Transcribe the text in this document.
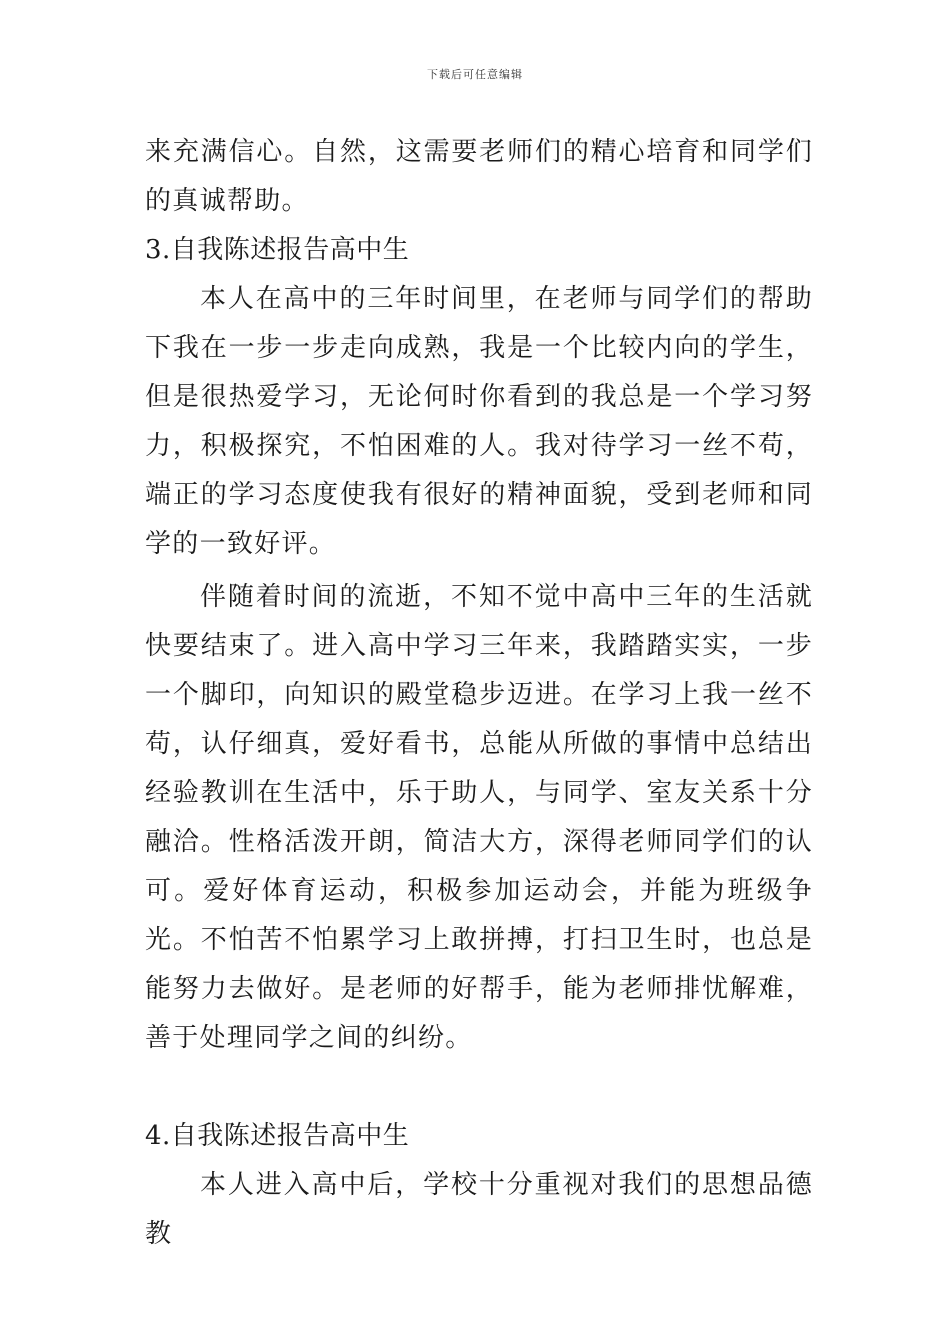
下载后可任意编辑

来充满信心。自然，这需要老师们的精心培育和同学们的真诚帮助。

3.自我陈述报告高中生

本人在高中的三年时间里，在老师与同学们的帮助下我在一步一步走向成熟，我是一个比较内向的学生，但是很热爱学习，无论何时你看到的我总是一个学习努力，积极探究，不怕困难的人。我对待学习一丝不苟，端正的学习态度使我有很好的精神面貌，受到老师和同学的一致好评。

伴随着时间的流逝，不知不觉中高中三年的生活就快要结束了。进入高中学习三年来，我踏踏实实，一步一个脚印，向知识的殿堂稳步迈进。在学习上我一丝不苟，认仔细真，爱好看书，总能从所做的事情中总结出经验教训在生活中，乐于助人，与同学、室友关系十分融洽。性格活泼开朗，简洁大方，深得老师同学们的认可。爱好体育运动，积极参加运动会，并能为班级争光。不怕苦不怕累学习上敢拼搏，打扫卫生时，也总是能努力去做好。是老师的好帮手，能为老师排忧解难，善于处理同学之间的纠纷。

4.自我陈述报告高中生

本人进入高中后，学校十分重视对我们的思想品德教
